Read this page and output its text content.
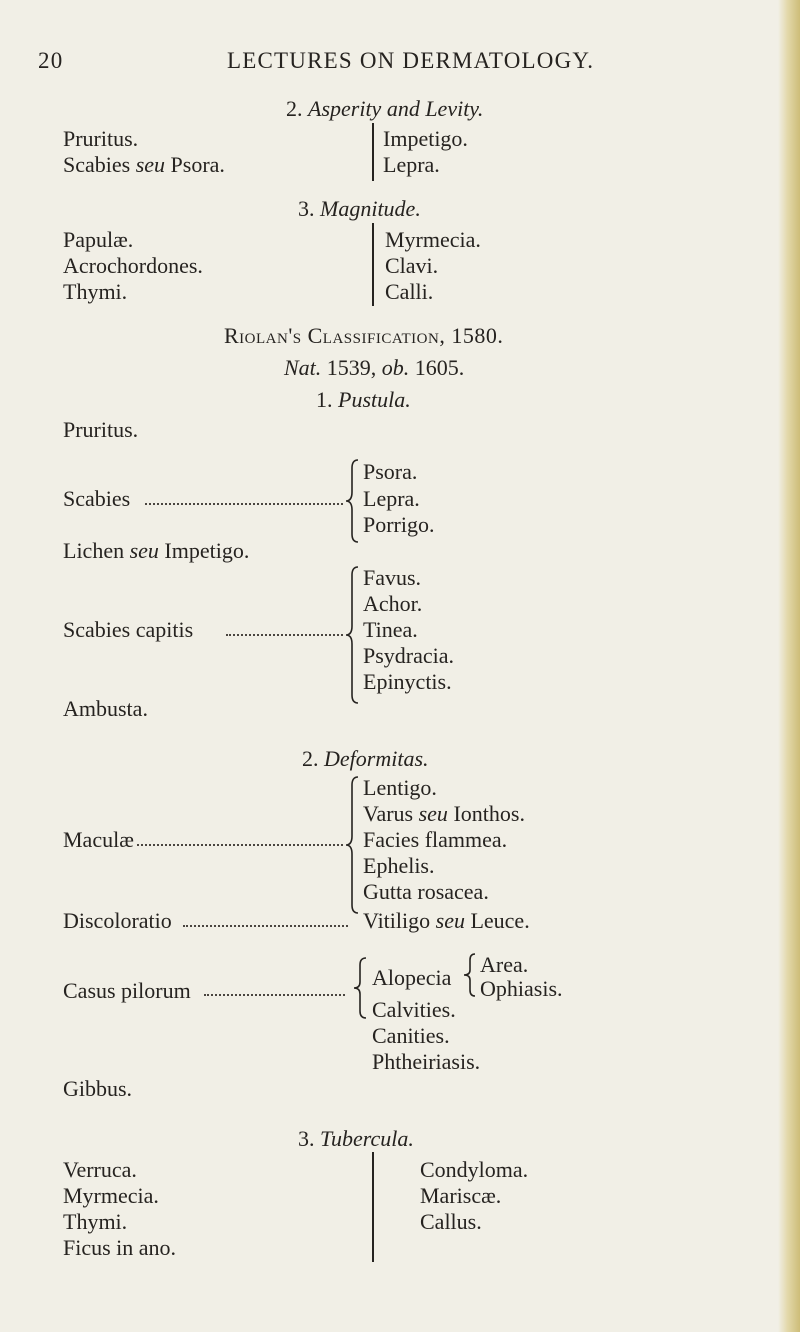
20	LECTURES ON DERMATOLOGY.
2. Asperity and Levity.
Pruritus.
Scabies seu Psora.
Impetigo.
Lepra.
3. Magnitude.
Papulæ.
Acrochordones.
Thymi.
Myrmecia.
Clavi.
Calli.
Riolan's Classification, 1580.
Nat. 1539, ob. 1605.
1. Pustula.
Pruritus.
Scabies
Psora.
Lepra.
Porrigo.
Lichen seu Impetigo.
Scabies capitis
Favus.
Achor.
Tinea.
Psydracia.
Epinyctis.
Ambusta.
2. Deformitas.
Maculæ
Lentigo.
Varus seu Ionthos.
Facies flammea.
Ephelis.
Gutta rosacea.
Discoloratio	Vitiligo seu Leuce.
Casus pilorum
Alopecia
Area.
Ophiasis.
Calvities.
Canities.
Phtheiriasis.
Gibbus.
3. Tubercula.
Verruca.
Myrmecia.
Thymi.
Ficus in ano.
Condyloma.
Mariscæ.
Callus.
